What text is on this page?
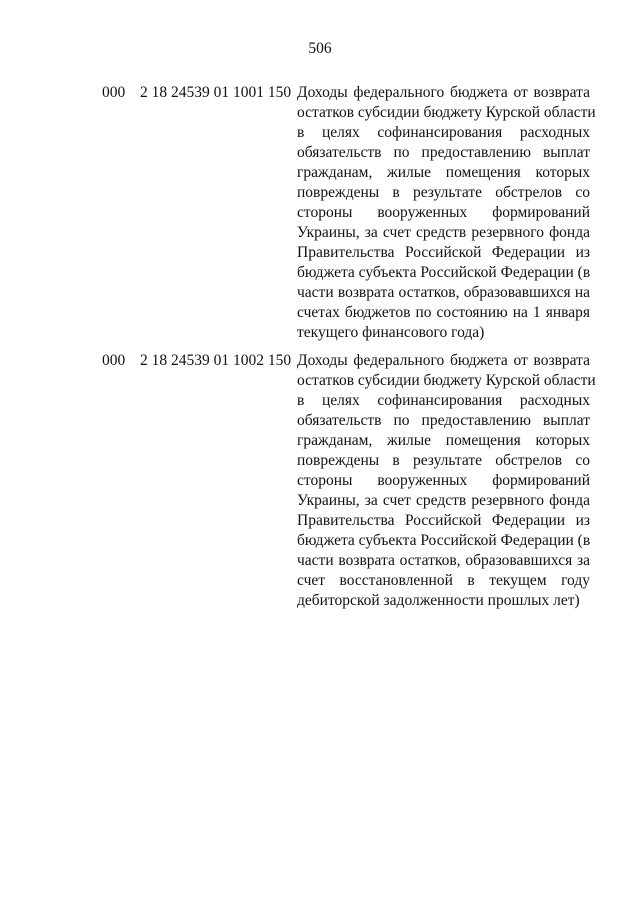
506
000 2 18 24539 01 1001 150 Доходы федерального бюджета от возврата
остатков субсидии бюджету Курской области
в целях софинансирования расходных
обязательств по предоставлению выплат
гражданам, жилые помещения которых
повреждены в результате обстрелов со
стороны вооруженных формирований
Украины, за счет средств резервного фонда
Правительства Российской Федерации из
бюджета субъекта Российской Федерации (в
части возврата остатков, образовавшихся на
счетах бюджетов по состоянию на 1 января
текущего финансового года)
000 2 18 24539 01 1002 150 Доходы федерального бюджета от возврата
остатков субсидии бюджету Курской области
в целях софинансирования расходных
обязательств по предоставлению выплат
гражданам, жилые помещения которых
повреждены в результате обстрелов со
стороны вооруженных формирований
Украины, за счет средств резервного фонда
Правительства Российской Федерации из
бюджета субъекта Российской Федерации (в
части возврата остатков, образовавшихся за
счет восстановленной в текущем году
дебиторской задолженности прошлых лет)
